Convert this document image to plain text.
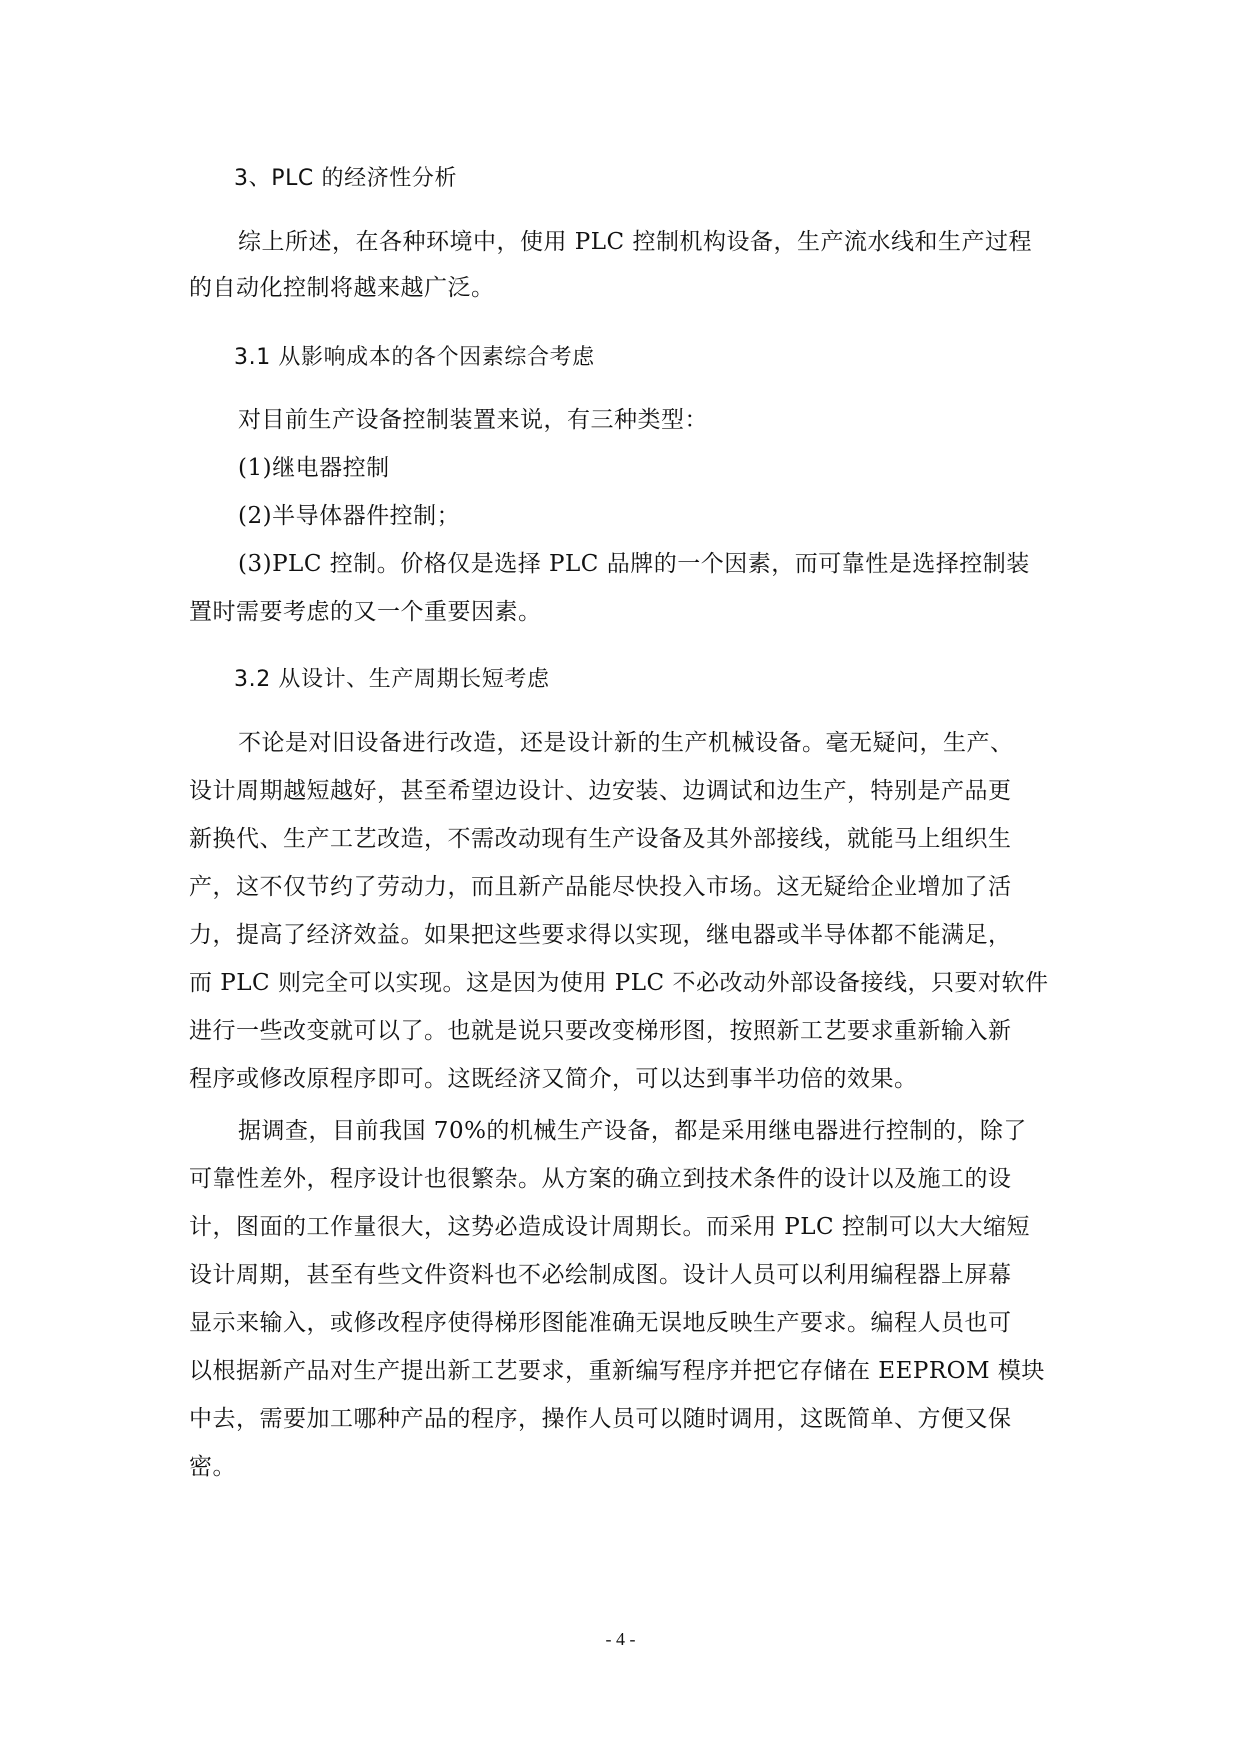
3、PLC 的经济性分析
综上所述，在各种环境中，使用 PLC 控制机构设备，生产流水线和生产过程
的自动化控制将越来越广泛。
3.1 从影响成本的各个因素综合考虑
对目前生产设备控制装置来说，有三种类型：
(1)继电器控制
(2)半导体器件控制；
(3)PLC 控制。价格仅是选择 PLC 品牌的一个因素，而可靠性是选择控制装
置时需要考虑的又一个重要因素。
3.2 从设计、生产周期长短考虑
不论是对旧设备进行改造，还是设计新的生产机械设备。毫无疑问，生产、
设计周期越短越好，甚至希望边设计、边安装、边调试和边生产，特别是产品更
新换代、生产工艺改造，不需改动现有生产设备及其外部接线，就能马上组织生
产，这不仅节约了劳动力，而且新产品能尽快投入市场。这无疑给企业增加了活
力，提高了经济效益。如果把这些要求得以实现，继电器或半导体都不能满足，
而 PLC 则完全可以实现。这是因为使用 PLC 不必改动外部设备接线，只要对软件
进行一些改变就可以了。也就是说只要改变梯形图，按照新工艺要求重新输入新
程序或修改原程序即可。这既经济又简介，可以达到事半功倍的效果。
据调查，目前我国 70%的机械生产设备，都是采用继电器进行控制的，除了
可靠性差外，程序设计也很繁杂。从方案的确立到技术条件的设计以及施工的设
计，图面的工作量很大，这势必造成设计周期长。而采用 PLC 控制可以大大缩短
设计周期，甚至有些文件资料也不必绘制成图。设计人员可以利用编程器上屏幕
显示来输入，或修改程序使得梯形图能准确无误地反映生产要求。编程人员也可
以根据新产品对生产提出新工艺要求，重新编写程序并把它存储在 EEPROM 模块
中去，需要加工哪种产品的程序，操作人员可以随时调用，这既简单、方便又保
密。
- 4 -
